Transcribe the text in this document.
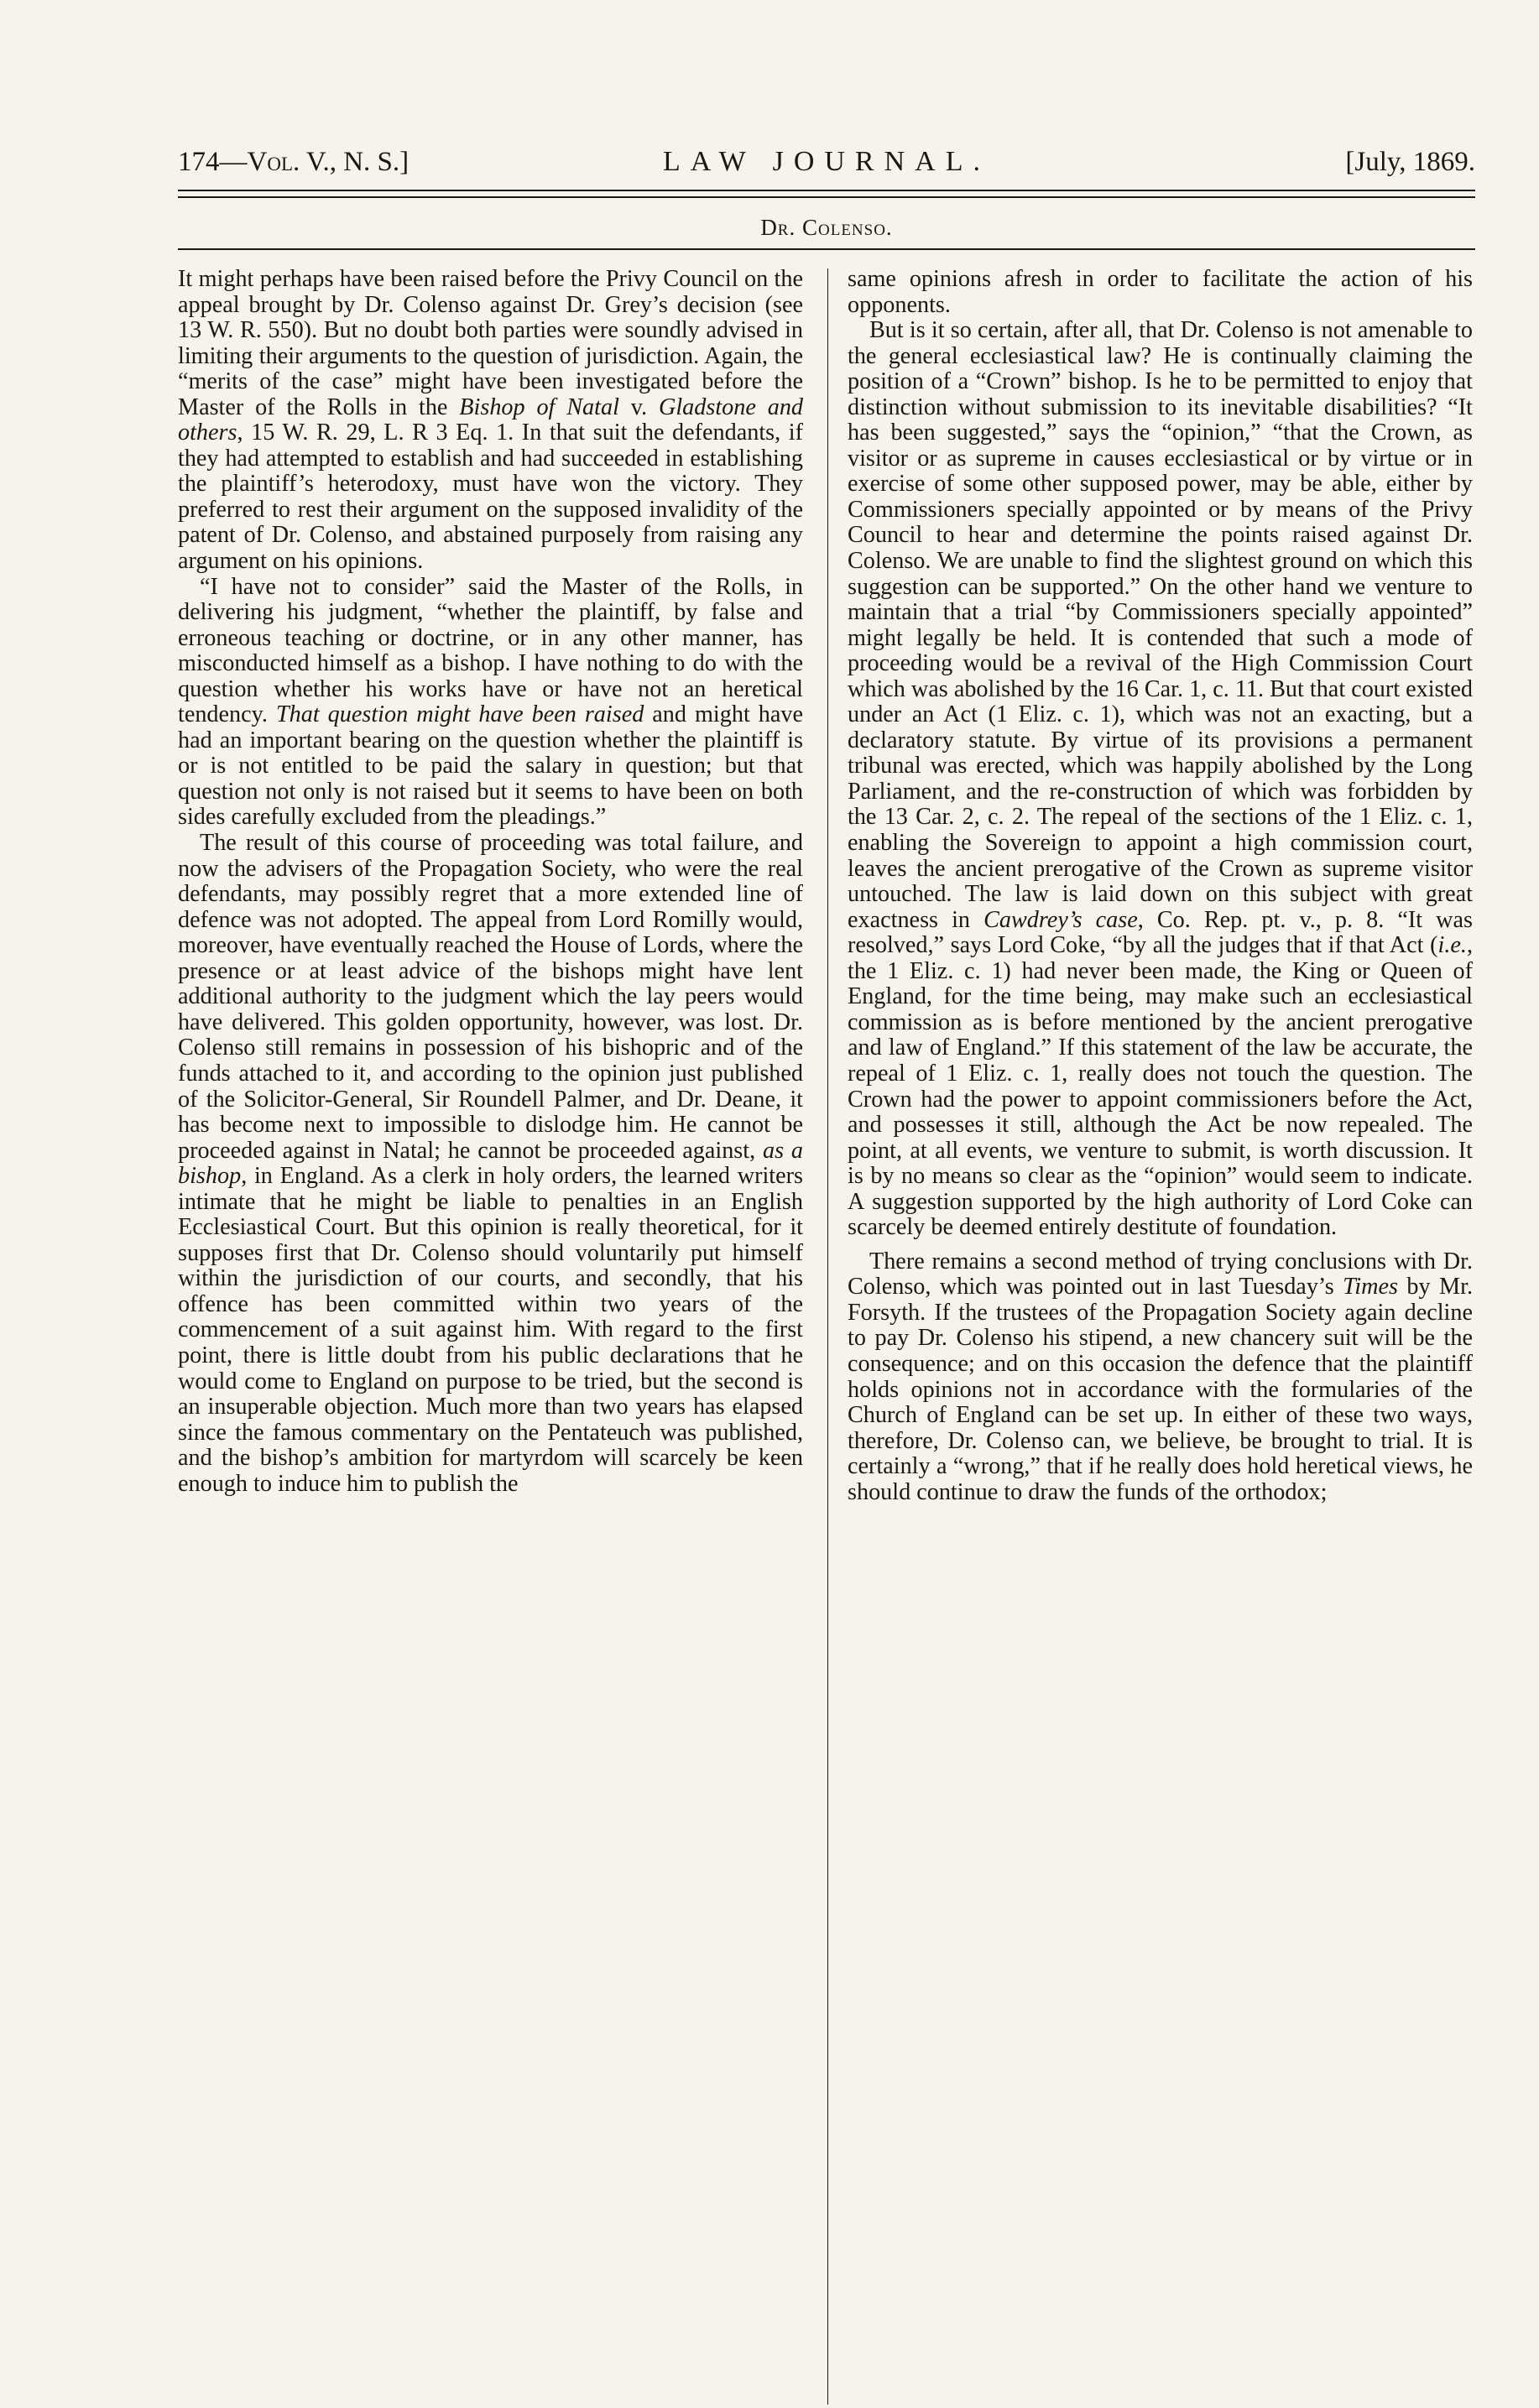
174—Vol. V., N. S.]	LAW JOURNAL.	[July, 1869.
Dr. Colenso.

It might perhaps have been raised before the Privy Council on the appeal brought by Dr. Colenso against Dr. Grey’s decision (see 13 W. R. 550). But no doubt both parties were soundly advised in limiting their arguments to the question of jurisdiction. Again, the “merits of the case” might have been investigated before the Master of the Rolls in the Bishop of Natal v. Gladstone and others, 15 W. R. 29, L. R 3 Eq. 1. In that suit the defendants, if they had attempted to establish and had succeeded in establishing the plaintiff’s heterodoxy, must have won the victory. They preferred to rest their argument on the supposed invalidity of the patent of Dr. Colenso, and abstained purposely from raising any argument on his opinions.

“I have not to consider” said the Master of the Rolls, in delivering his judgment, “whether the plaintiff, by false and erroneous teaching or doctrine, or in any other manner, has misconducted himself as a bishop. I have nothing to do with the question whether his works have or have not an heretical tendency. That question might have been raised and might have had an important bearing on the question whether the plaintiff is or is not entitled to be paid the salary in question; but that question not only is not raised but it seems to have been on both sides carefully excluded from the pleadings.”

The result of this course of proceeding was total failure, and now the advisers of the Propagation Society, who were the real defendants, may possibly regret that a more extended line of defence was not adopted. The appeal from Lord Romilly would, moreover, have eventually reached the House of Lords, where the presence or at least advice of the bishops might have lent additional authority to the judgment which the lay peers would have delivered. This golden opportunity, however, was lost. Dr. Colenso still remains in possession of his bishopric and of the funds attached to it, and according to the opinion just published of the Solicitor-General, Sir Roundell Palmer, and Dr. Deane, it has become next to impossible to dislodge him. He cannot be proceeded against in Natal; he cannot be proceeded against, as a bishop, in England. As a clerk in holy orders, the learned writers intimate that he might be liable to penalties in an English Ecclesiastical Court. But this opinion is really theoretical, for it supposes first that Dr. Colenso should voluntarily put himself within the jurisdiction of our courts, and secondly, that his offence has been committed within two years of the commencement of a suit against him. With regard to the first point, there is little doubt from his public declarations that he would come to England on purpose to be tried, but the second is an insuperable objection. Much more than two years has elapsed since the famous commentary on the Pentateuch was published, and the bishop’s ambition for martyrdom will scarcely be keen enough to induce him to publish the

same opinions afresh in order to facilitate the action of his opponents.

But is it so certain, after all, that Dr. Colenso is not amenable to the general ecclesiastical law? He is continually claiming the position of a “Crown” bishop. Is he to be permitted to enjoy that distinction without submission to its inevitable disabilities? “It has been suggested,” says the “opinion,” “that the Crown, as visitor or as supreme in causes ecclesiastical or by virtue or in exercise of some other supposed power, may be able, either by Commissioners specially appointed or by means of the Privy Council to hear and determine the points raised against Dr. Colenso. We are unable to find the slightest ground on which this suggestion can be supported.” On the other hand we venture to maintain that a trial “by Commissioners specially appointed” might legally be held. It is contended that such a mode of proceeding would be a revival of the High Commission Court which was abolished by the 16 Car. 1, c. 11. But that court existed under an Act (1 Eliz. c. 1), which was not an exacting, but a declaratory statute. By virtue of its provisions a permanent tribunal was erected, which was happily abolished by the Long Parliament, and the re-construction of which was forbidden by the 13 Car. 2, c. 2. The repeal of the sections of the 1 Eliz. c. 1, enabling the Sovereign to appoint a high commission court, leaves the ancient prerogative of the Crown as supreme visitor untouched. The law is laid down on this subject with great exactness in Cawdrey’s case, Co. Rep. pt. v., p. 8. “It was resolved,” says Lord Coke, “by all the judges that if that Act (i.e., the 1 Eliz. c. 1) had never been made, the King or Queen of England, for the time being, may make such an ecclesiastical commission as is before mentioned by the ancient prerogative and law of England.” If this statement of the law be accurate, the repeal of 1 Eliz. c. 1, really does not touch the question. The Crown had the power to appoint commissioners before the Act, and possesses it still, although the Act be now repealed. The point, at all events, we venture to submit, is worth discussion. It is by no means so clear as the “opinion” would seem to indicate. A suggestion supported by the high authority of Lord Coke can scarcely be deemed entirely destitute of foundation.

There remains a second method of trying conclusions with Dr. Colenso, which was pointed out in last Tuesday’s Times by Mr. Forsyth. If the trustees of the Propagation Society again decline to pay Dr. Colenso his stipend, a new chancery suit will be the consequence; and on this occasion the defence that the plaintiff holds opinions not in accordance with the formularies of the Church of England can be set up. In either of these two ways, therefore, Dr. Colenso can, we believe, be brought to trial. It is certainly a “wrong,” that if he really does hold heretical views, he should continue to draw the funds of the orthodox;
